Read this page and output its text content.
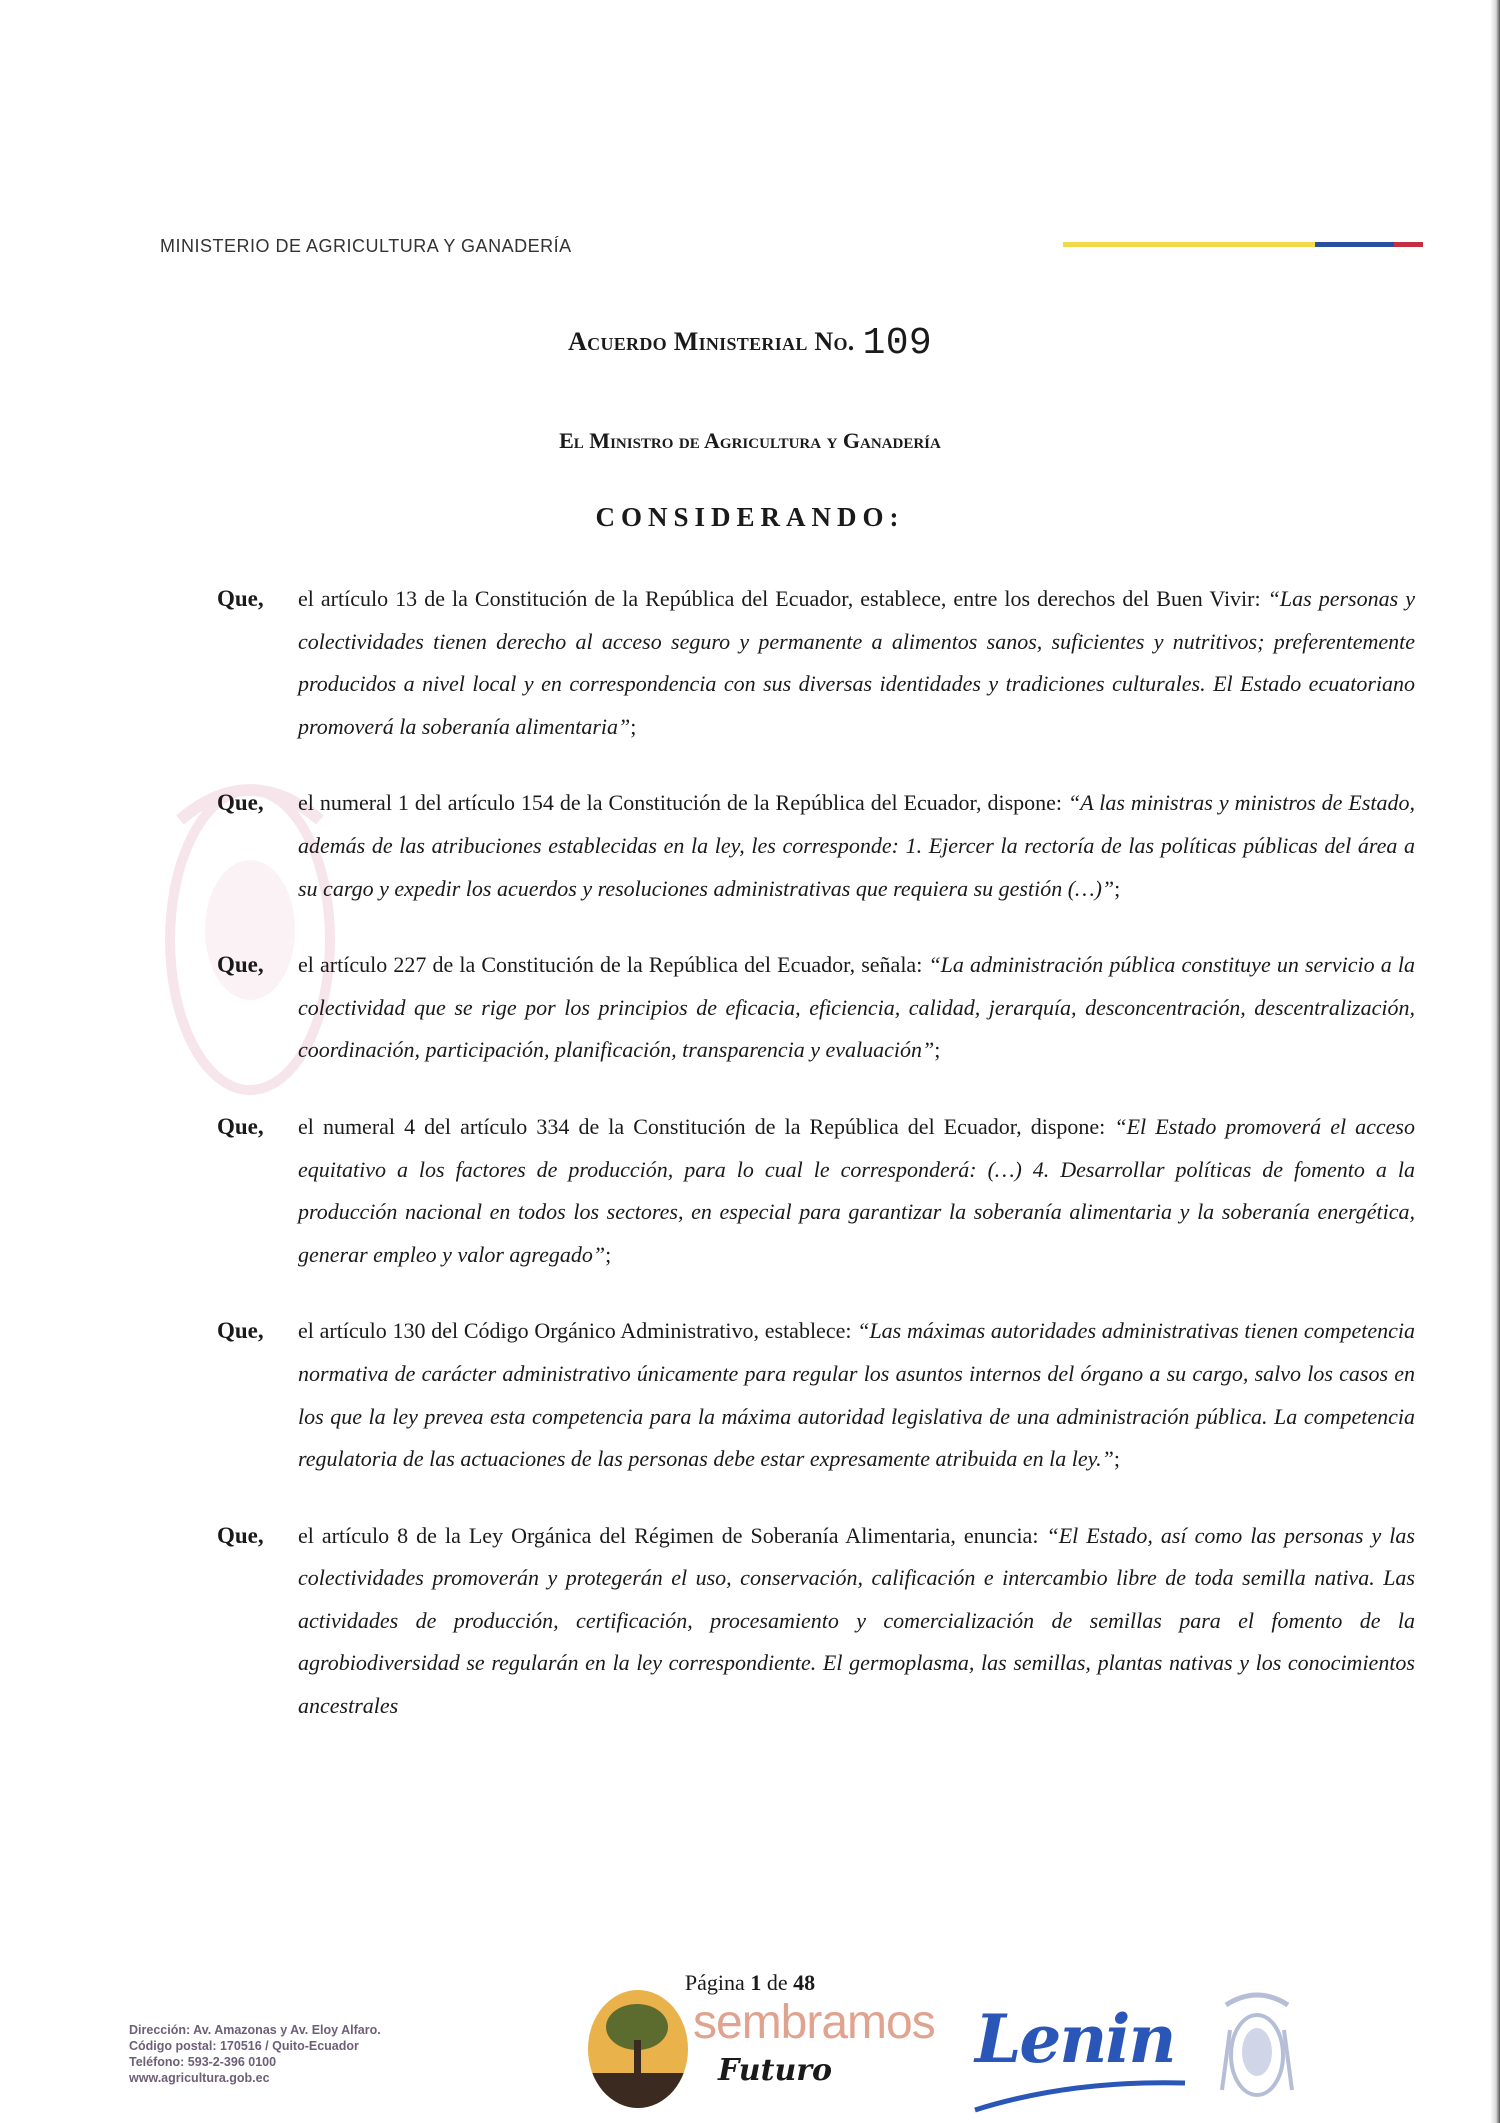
MINISTERIO DE AGRICULTURA Y GANADERÍA
Acuerdo Ministerial No. 109
El Ministro de Agricultura y Ganadería
CONSIDERANDO:
Que,	el artículo 13 de la Constitución de la República del Ecuador, establece, entre los derechos del Buen Vivir: “Las personas y colectividades tienen derecho al acceso seguro y permanente a alimentos sanos, suficientes y nutritivos; preferentemente producidos a nivel local y en correspondencia con sus diversas identidades y tradiciones culturales. El Estado ecuatoriano promoverá la soberanía alimentaria”;
Que,	el numeral 1 del artículo 154 de la Constitución de la República del Ecuador, dispone: “A las ministras y ministros de Estado, además de las atribuciones establecidas en la ley, les corresponde: 1. Ejercer la rectoría de las políticas públicas del área a su cargo y expedir los acuerdos y resoluciones administrativas que requiera su gestión (…)”;
Que,	el artículo 227 de la Constitución de la República del Ecuador, señala: “La administración pública constituye un servicio a la colectividad que se rige por los principios de eficacia, eficiencia, calidad, jerarquía, desconcentración, descentralización, coordinación, participación, planificación, transparencia y evaluación”;
Que,	el numeral 4 del artículo 334 de la Constitución de la República del Ecuador, dispone: “El Estado promoverá el acceso equitativo a los factores de producción, para lo cual le corresponderá: (…) 4. Desarrollar políticas de fomento a la producción nacional en todos los sectores, en especial para garantizar la soberanía alimentaria y la soberanía energética, generar empleo y valor agregado”;
Que,	el artículo 130 del Código Orgánico Administrativo, establece: “Las máximas autoridades administrativas tienen competencia normativa de carácter administrativo únicamente para regular los asuntos internos del órgano a su cargo, salvo los casos en los que la ley prevea esta competencia para la máxima autoridad legislativa de una administración pública. La competencia regulatoria de las actuaciones de las personas debe estar expresamente atribuida en la ley.”;
Que,	el artículo 8 de la Ley Orgánica del Régimen de Soberanía Alimentaria, enuncia: “El Estado, así como las personas y las colectividades promoverán y protegerán el uso, conservación, calificación e intercambio libre de toda semilla nativa. Las actividades de producción, certificación, procesamiento y comercialización de semillas para el fomento de la agrobiodiversidad se regularán en la ley correspondiente. El germoplasma, las semillas, plantas nativas y los conocimientos ancestrales
Página 1 de 48
Dirección: Av. Amazonas y Av. Eloy Alfaro.
Código postal: 170516 / Quito-Ecuador
Teléfono: 593-2-396 0100
www.agricultura.gob.ec
sembramos
Futuro Lenin
